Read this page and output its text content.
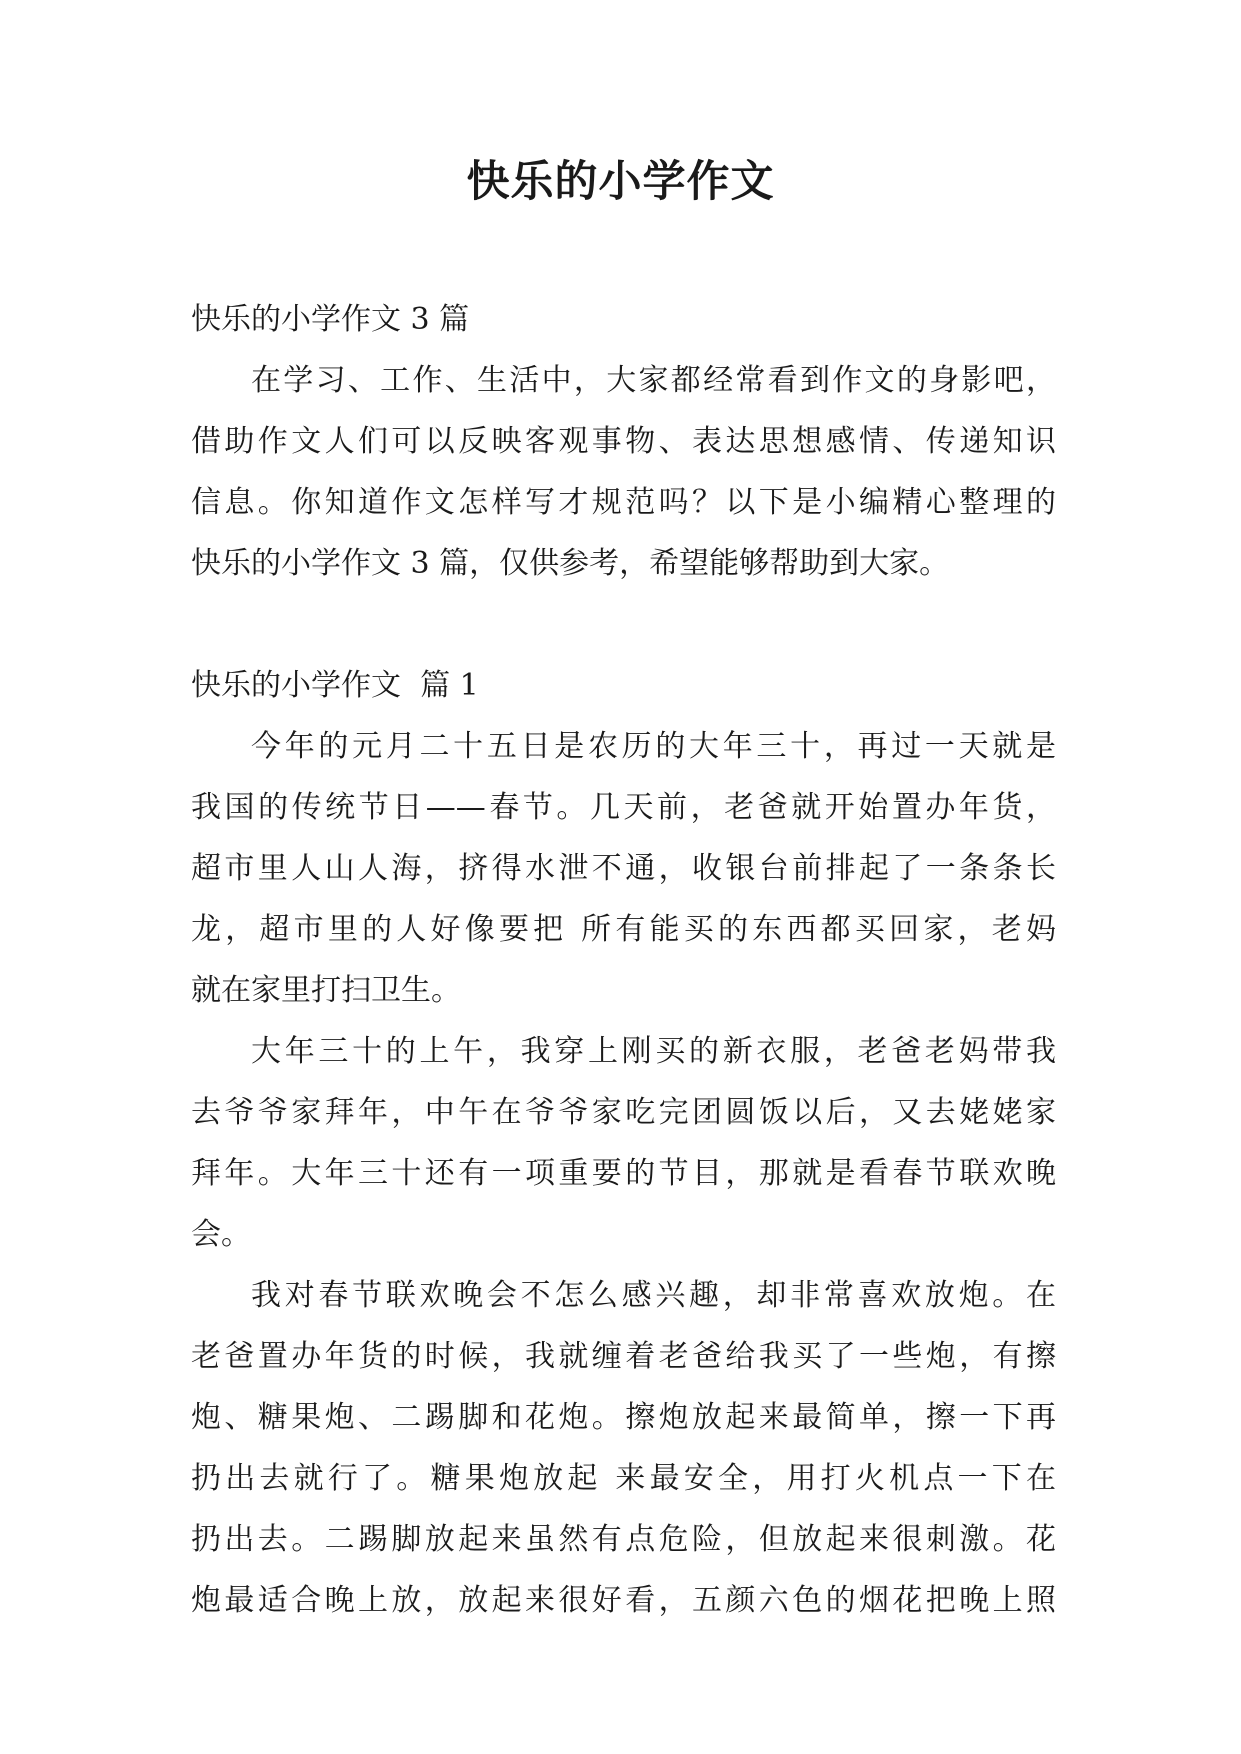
快乐的小学作文
快乐的小学作文 3 篇
在学习、工作、生活中，大家都经常看到作文的身影吧，
借助作文人们可以反映客观事物、表达思想感情、传递知识
信息。你知道作文怎样写才规范吗？以下是小编精心整理的
快乐的小学作文 3 篇，仅供参考，希望能够帮助到大家。
快乐的小学作文  篇 1
今年的元月二十五日是农历的大年三十，再过一天就是
我国的传统节日——春节。几天前，老爸就开始置办年货，
超市里人山人海，挤得水泄不通，收银台前排起了一条条长
龙，超市里的人好像要把 所有能买的东西都买回家，老妈
就在家里打扫卫生。
大年三十的上午，我穿上刚买的新衣服，老爸老妈带我
去爷爷家拜年，中午在爷爷家吃完团圆饭以后，又去姥姥家
拜年。大年三十还有一项重要的节目，那就是看春节联欢晚
会。
我对春节联欢晚会不怎么感兴趣，却非常喜欢放炮。在
老爸置办年货的时候，我就缠着老爸给我买了一些炮，有擦
炮、糖果炮、二踢脚和花炮。擦炮放起来最简单，擦一下再
扔出去就行了。糖果炮放起 来最安全，用打火机点一下在
扔出去。二踢脚放起来虽然有点危险，但放起来很刺激。花
炮最适合晚上放，放起来很好看，五颜六色的烟花把晚上照
